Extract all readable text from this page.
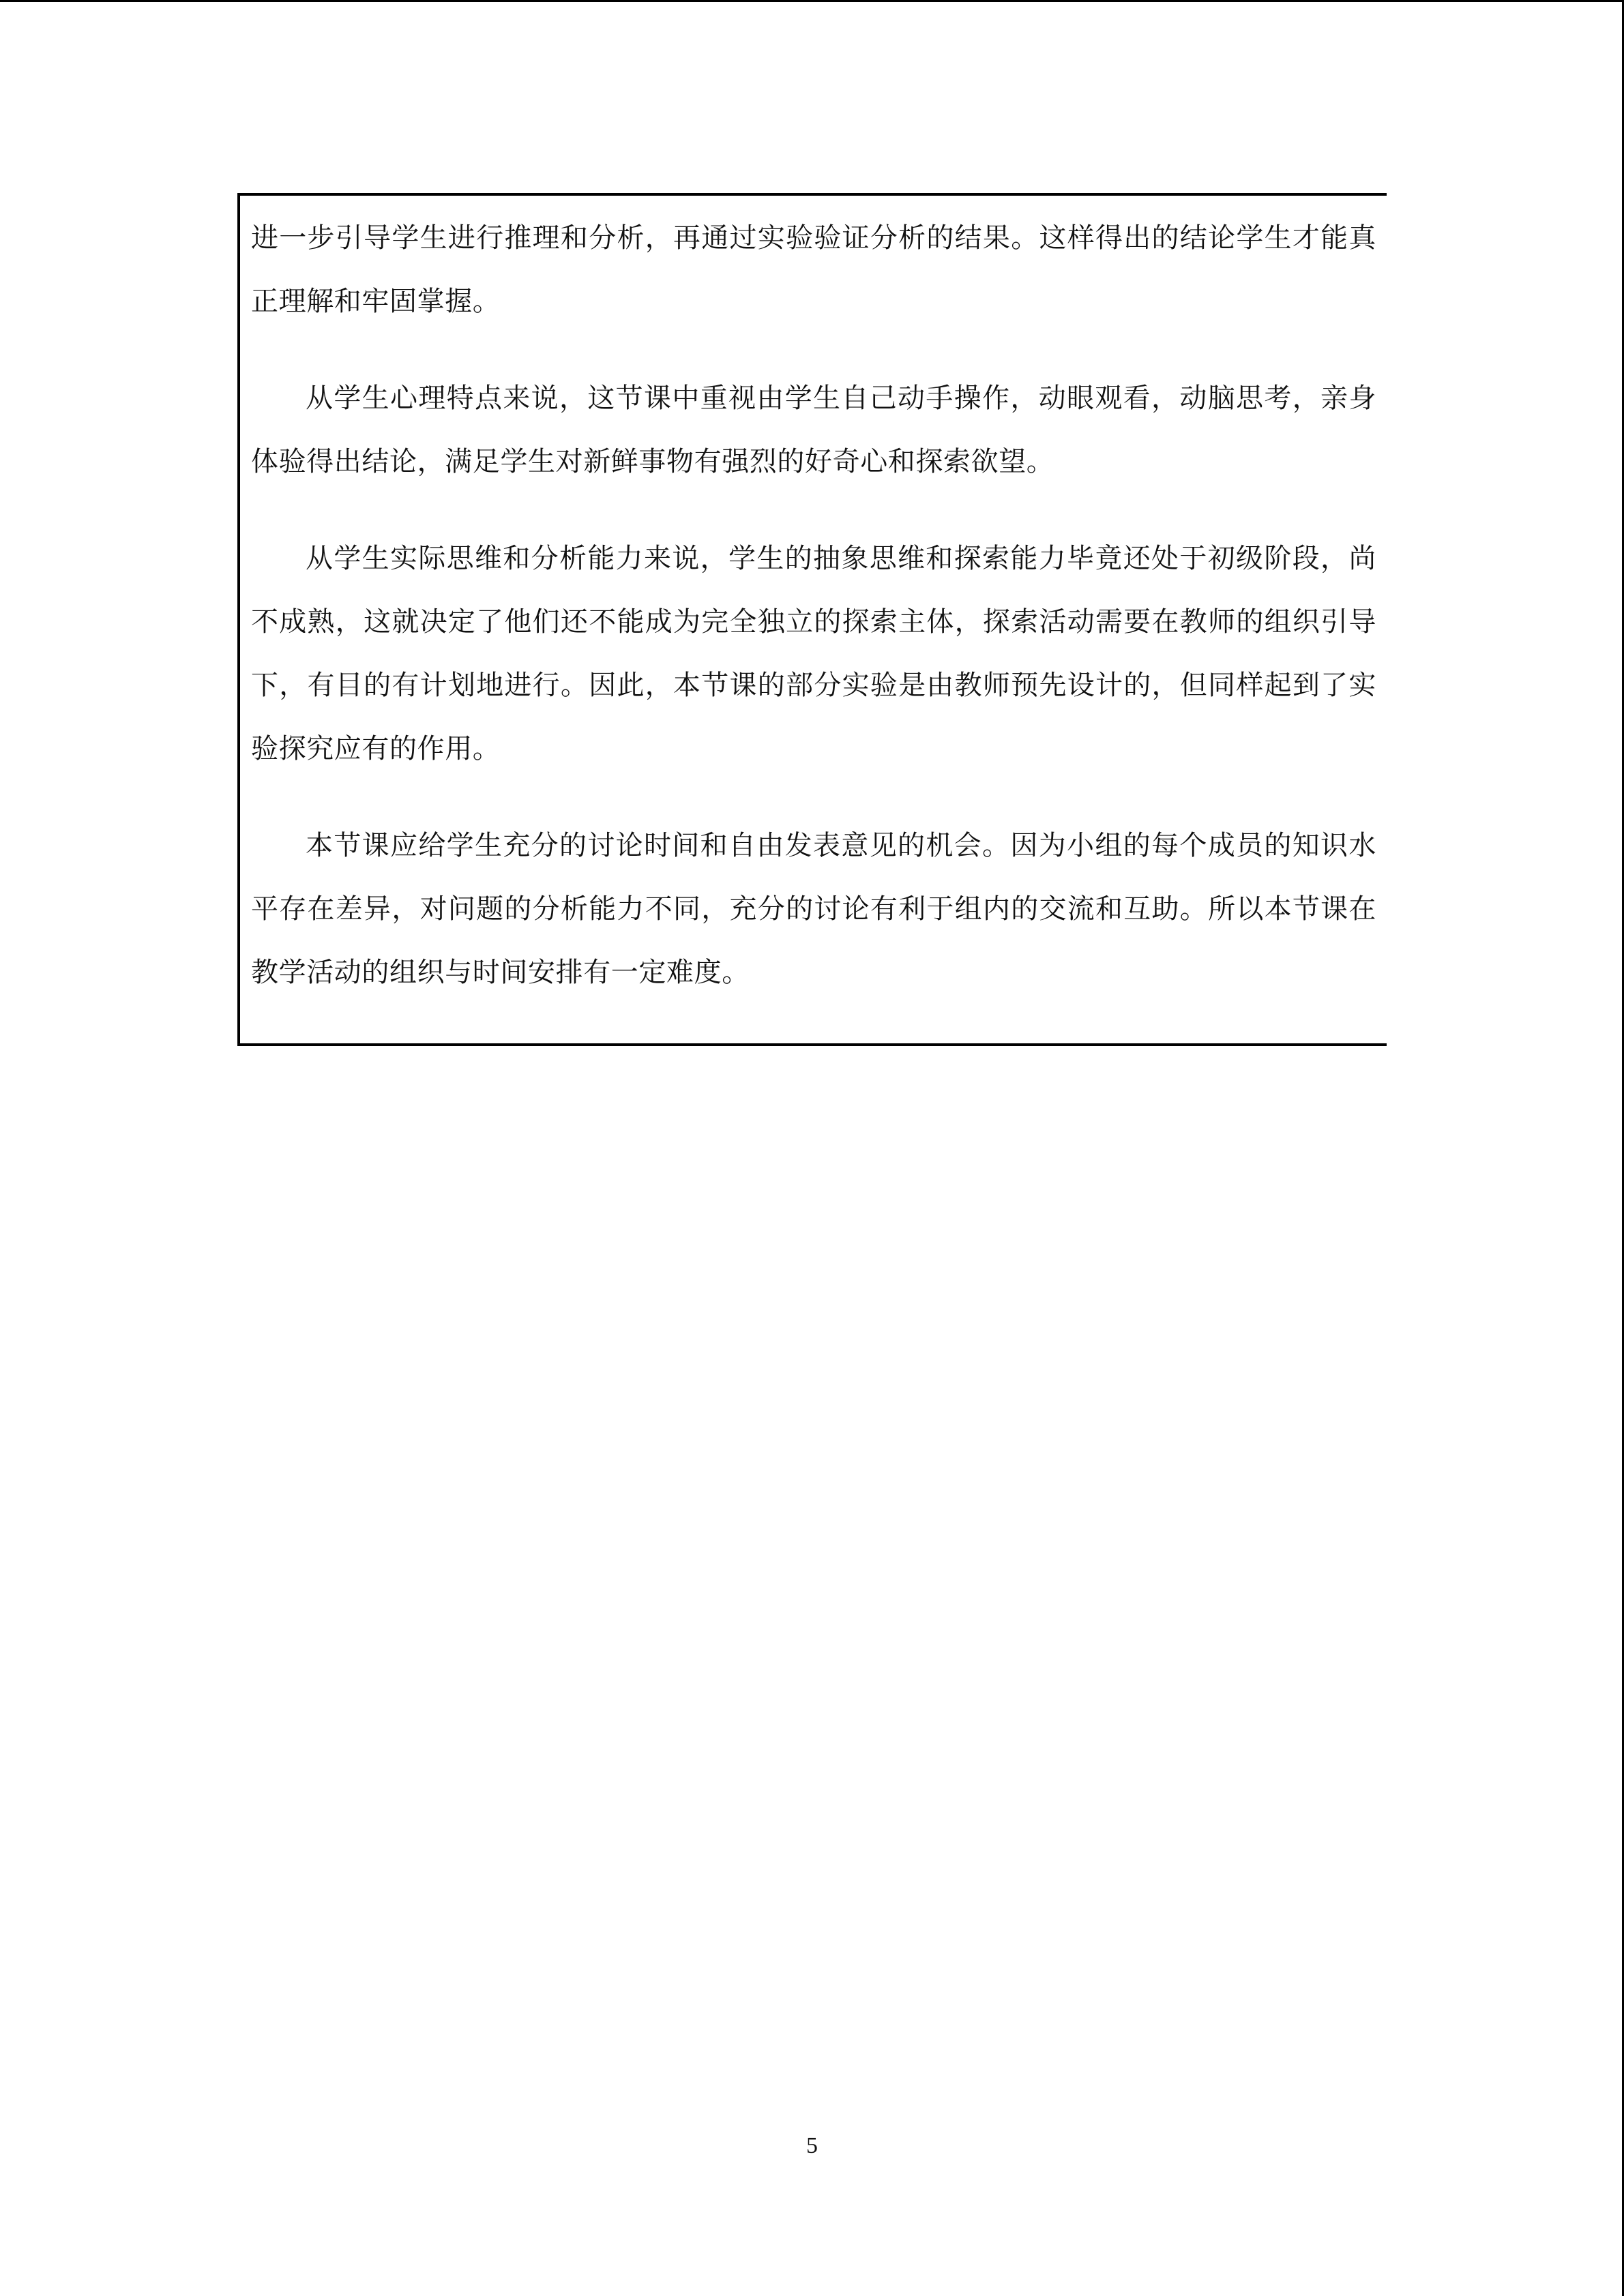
进一步引导学生进行推理和分析，再通过实验验证分析的结果。这样得出的结论学生才能真正理解和牢固掌握。

从学生心理特点来说，这节课中重视由学生自己动手操作，动眼观看，动脑思考，亲身体验得出结论，满足学生对新鲜事物有强烈的好奇心和探索欲望。

从学生实际思维和分析能力来说，学生的抽象思维和探索能力毕竟还处于初级阶段，尚不成熟，这就决定了他们还不能成为完全独立的探索主体，探索活动需要在教师的组织引导下，有目的有计划地进行。因此，本节课的部分实验是由教师预先设计的，但同样起到了实验探究应有的作用。

本节课应给学生充分的讨论时间和自由发表意见的机会。因为小组的每个成员的知识水平存在差异，对问题的分析能力不同，充分的讨论有利于组内的交流和互助。所以本节课在教学活动的组织与时间安排有一定难度。

5
